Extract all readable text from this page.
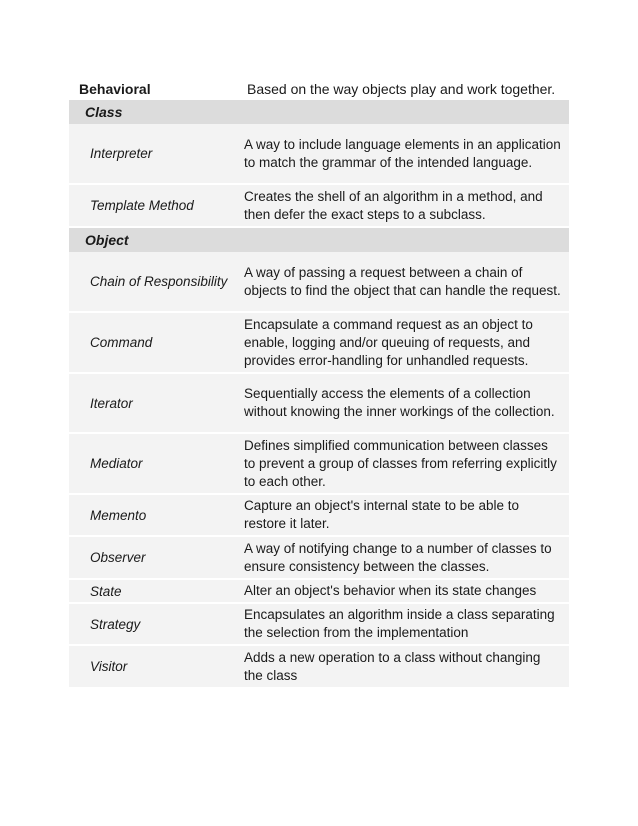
Behavioral	Based on the way objects play and work together.
Class
Interpreter
A way to include language elements in an application to match the grammar of the intended language.
Template Method
Creates the shell of an algorithm in a method, and then defer the exact steps to a subclass.
Object
Chain of Responsibility
A way of passing a request between a chain of objects to find the object that can handle the request.
Command
Encapsulate a command request as an object to enable, logging and/or queuing of requests, and provides error-handling for unhandled requests.
Iterator
Sequentially access the elements of a collection without knowing the inner workings of the collection.
Mediator
Defines simplified communication between classes to prevent a group of classes from referring explicitly to each other.
Memento
Capture an object's internal state to be able to restore it later.
Observer
A way of notifying change to a number of classes to ensure consistency between the classes.
State	Alter an object's behavior when its state changes
Strategy
Encapsulates an algorithm inside a class separating the selection from the implementation
Visitor
Adds a new operation to a class without changing the class
